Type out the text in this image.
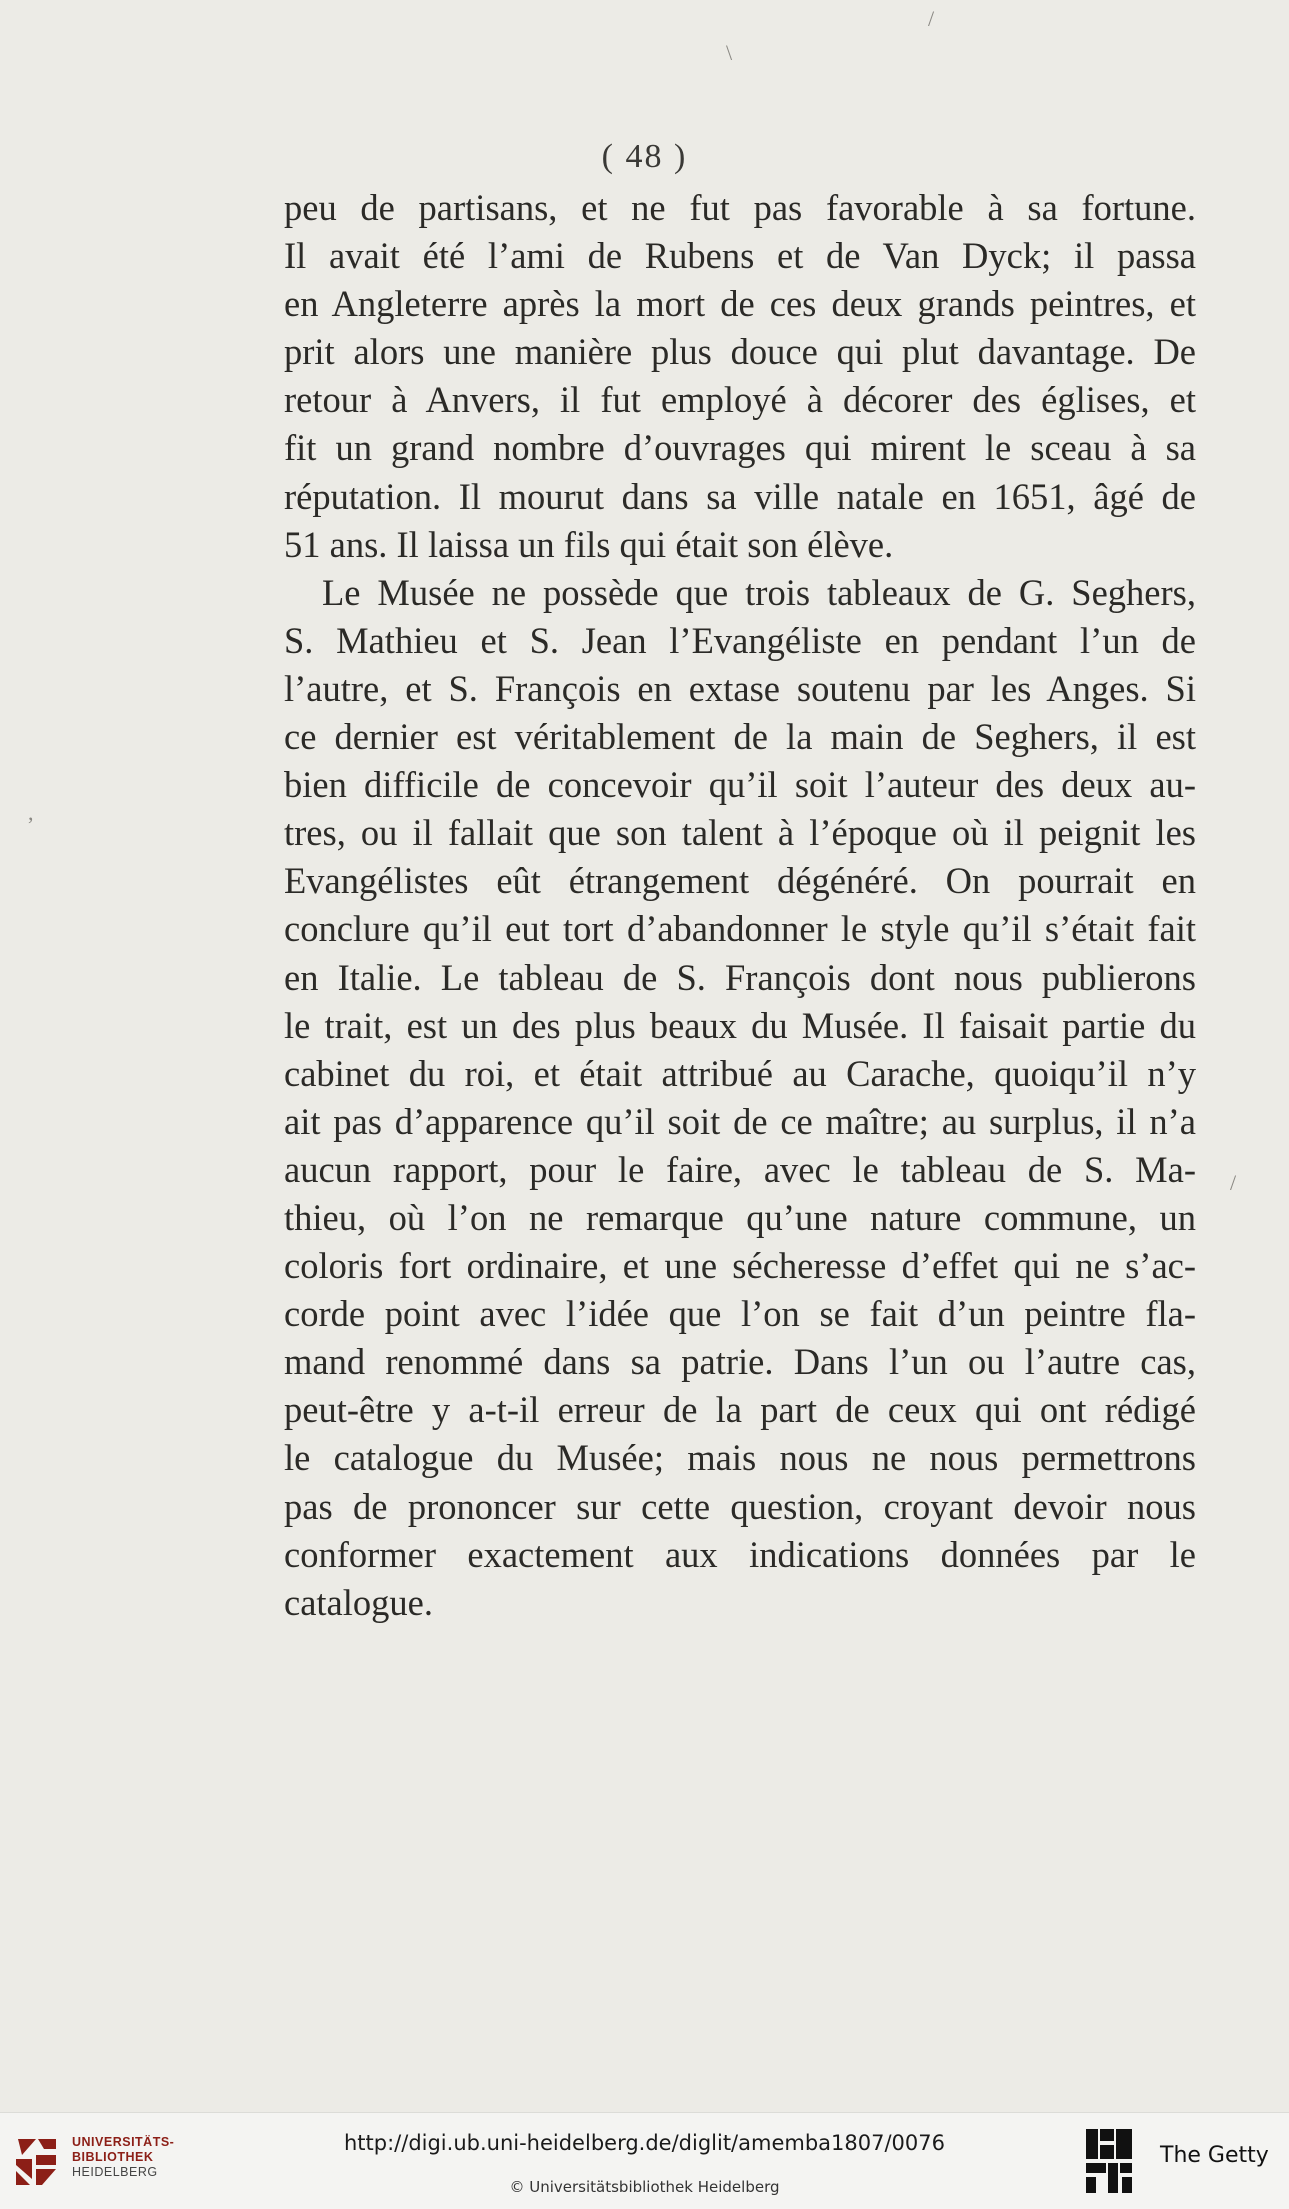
/
\
,
/
( 48 )
peu de partisans, et ne fut pas favorable à sa fortune.
Il avait été l’ami de Rubens et de Van Dyck; il passa
en Angleterre après la mort de ces deux grands peintres, et
prit alors une manière plus douce qui plut davantage. De
retour à Anvers, il fut employé à décorer des églises, et
fit un grand nombre d’ouvrages qui mirent le sceau à sa
réputation. Il mourut dans sa ville natale en 1651, âgé de
51 ans. Il laissa un fils qui était son élève.
Le Musée ne possède que trois tableaux de G. Seghers,
S. Mathieu et S. Jean l’Evangéliste en pendant l’un de
l’autre, et S. François en extase soutenu par les Anges. Si
ce dernier est véritablement de la main de Seghers, il est
bien difficile de concevoir qu’il soit l’auteur des deux au-
tres, ou il fallait que son talent à l’époque où il peignit les
Evangélistes eût étrangement dégénéré. On pourrait en
conclure qu’il eut tort d’abandonner le style qu’il s’était fait
en Italie. Le tableau de S. François dont nous publierons
le trait, est un des plus beaux du Musée. Il faisait partie du
cabinet du roi, et était attribué au Carache, quoiqu’il n’y
ait pas d’apparence qu’il soit de ce maître; au surplus, il n’a
aucun rapport, pour le faire, avec le tableau de S. Ma-
thieu, où l’on ne remarque qu’une nature commune, un
coloris fort ordinaire, et une sécheresse d’effet qui ne s’ac-
corde point avec l’idée que l’on se fait d’un peintre fla-
mand renommé dans sa patrie. Dans l’un ou l’autre cas,
peut-être y a-t-il erreur de la part de ceux qui ont rédigé
le catalogue du Musée; mais nous ne nous permettrons
pas de prononcer sur cette question, croyant devoir nous
conformer exactement aux indications données par le
catalogue.
UNIVERSITÄTS-
BIBLIOTHEK
HEIDELBERG
http://digi.ub.uni-heidelberg.de/diglit/amemba1807/0076
© Universitätsbibliothek Heidelberg
The Getty
